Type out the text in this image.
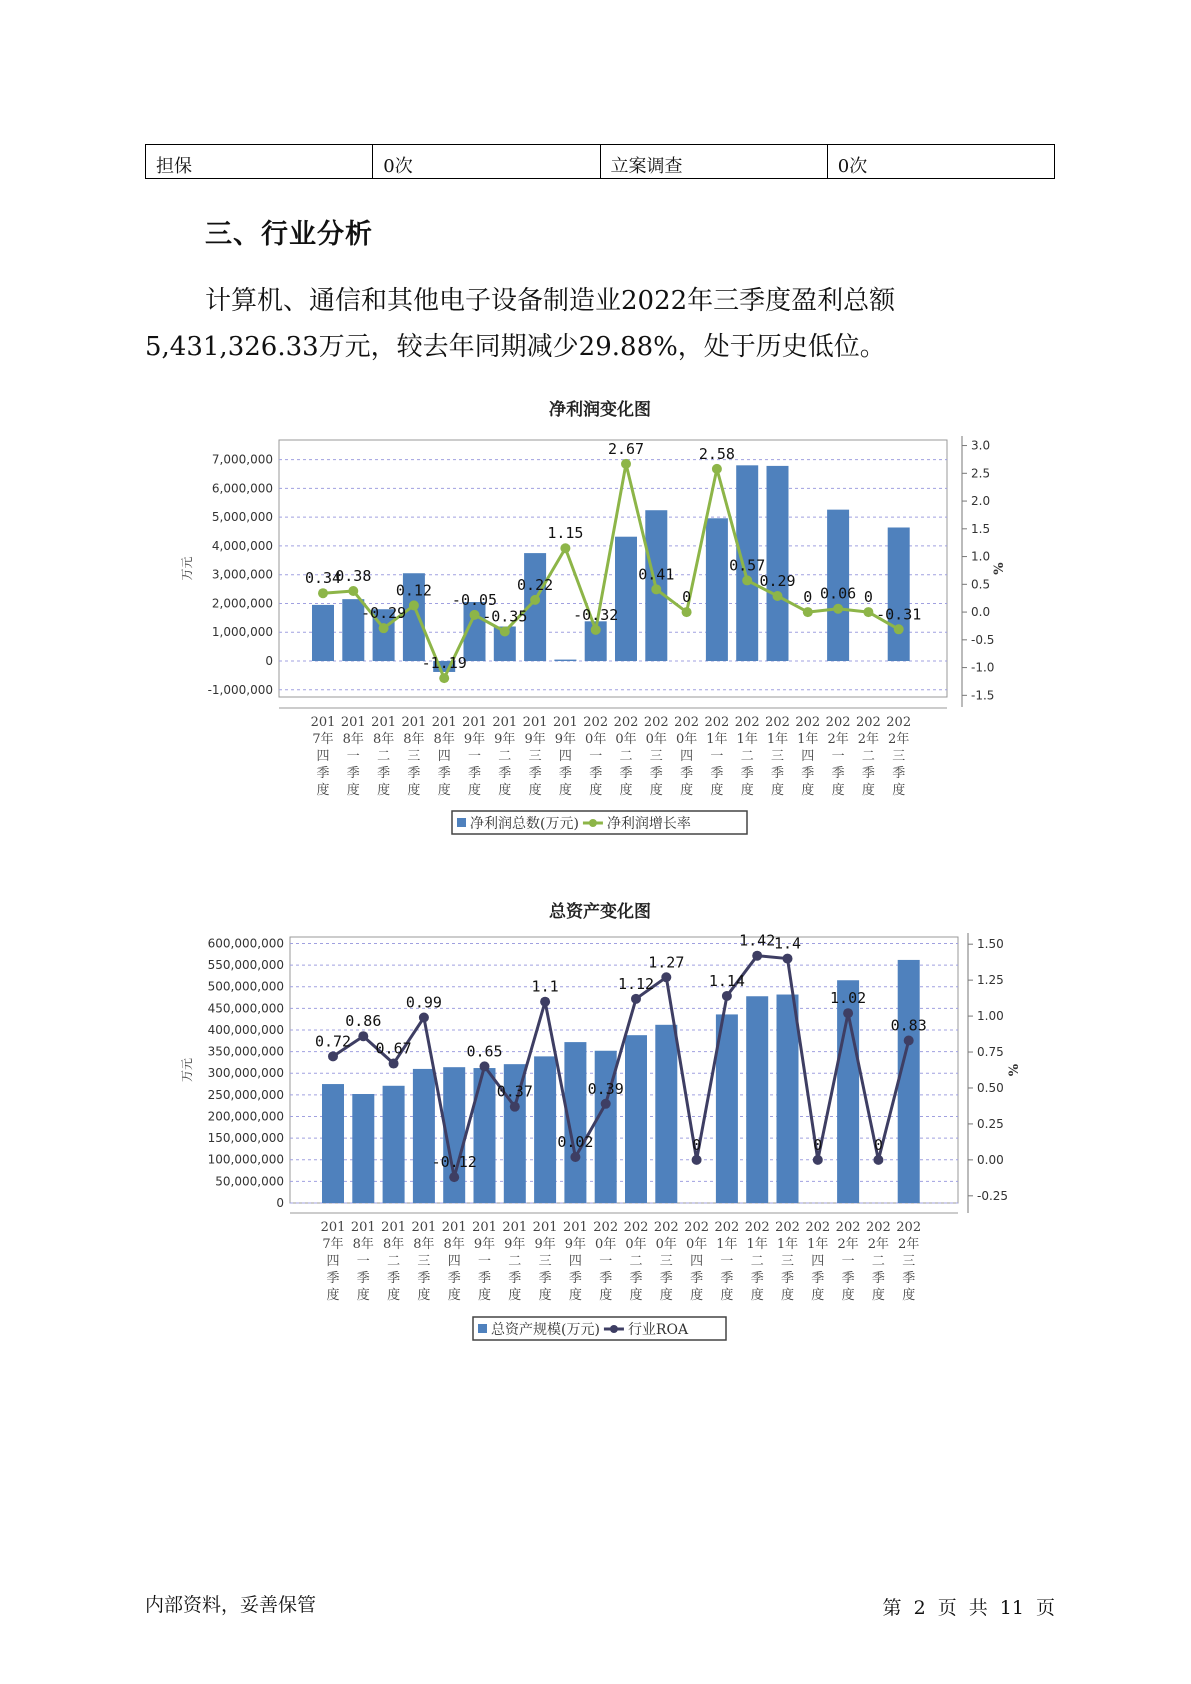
担保	0次	立案调查	0次
三、行业分析

计算机、通信和其他电子设备制造业2022年三季度盈利总额5,431,326.33万元，较去年同期减少29.88%，处于历史低位。

净利润变化图
7,000,000
6,000,000
5,000,000
4,000,000
3,000,000
2,000,000
1,000,000
0
-1,000,000
3.0
2.5
2.0
1.5
1.0
0.5
0.0
-0.5
-1.0
-1.5
万元	%
0.34
0.38
-0.29
0.12
-1.19
-0.05
-0.35
0.22
1.15
-0.32
2.67
0.41
0
2.58
0.57
0.29
0 0.06 0
-0.31
201
7年
四
季
度
201
8年
一
季
度
201
8年
二
季
度
201
8年
三
季
度
201
8年
四
季
度
201
9年
一
季
度
201
9年
二
季
度
201
9年
三
季
度
201
9年
四
季
度
202
0年
一
季
度
202
0年
二
季
度
202
0年
三
季
度
202
0年
四
季
度
202
1年
一
季
度
202
1年
二
季
度
202
1年
三
季
度
202
1年
四
季
度
202
2年
一
季
度
202
2年
二
季
度
202
2年
三
季
度
净利润总数(万元) 净利润增长率
总资产变化图
600,000,000
550,000,000
500,000,000
450,000,000
400,000,000
350,000,000
300,000,000
250,000,000
200,000,000
150,000,000
100,000,000
50,000,000
0
1.50
1.25
1.00
0.75
0.50
0.25
0.00
-0.25
万元	%
0.72
0.86
0.67
0.99
-0.12
0.65
0.37
1.1
0.02
0.39
1.12
1.27
0
1.14
1.42
1.4
0
1.02
0
0.83
201
7年
四
季
度
201
8年
一
季
度
201
8年
二
季
度
201
8年
三
季
度
201
8年
四
季
度
201
9年
一
季
度
201
9年
二
季
度
201
9年
三
季
度
201
9年
四
季
度
202
0年
一
季
度
202
0年
二
季
度
202
0年
三
季
度
202
0年
四
季
度
202
1年
一
季
度
202
1年
二
季
度
202
1年
三
季
度
202
1年
四
季
度
202
2年
一
季
度
202
2年
二
季
度
202
2年
三
季
度
总资产规模(万元) 行业ROA
内部资料，妥善保管	第 2 页 共 11 页
